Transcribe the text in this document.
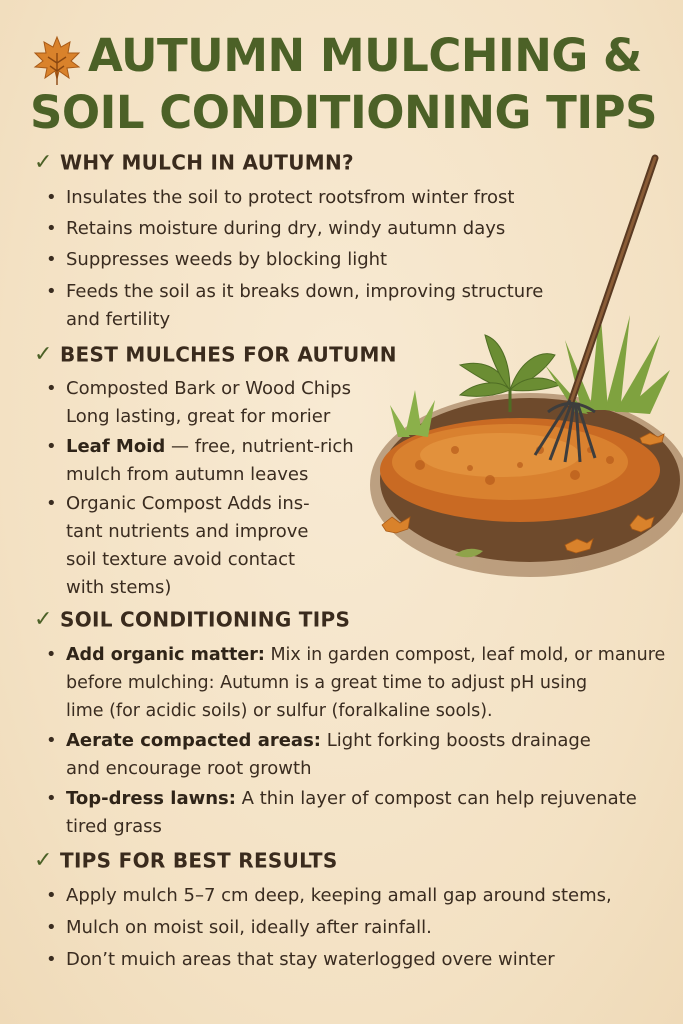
AUTUMN MULCHING &
SOIL CONDITIONING TIPS
✓ WHY MULCH IN AUTUMN?
• Insulates the soil to protect rootsfrom winter frost
• Retains moisture during dry, windy autumn days
• Suppresses weeds by blocking light
• Feeds the soil as it breaks down, improving structure
and fertility
✓ BEST MULCHES FOR AUTUMN
• Composted Bark or Wood Chips
Long lasting, great for morier
• Leaf Moid — free, nutrient-rich
mulch from autumn leaves
• Organic Compost Adds ins-
tant nutrients and improve
soil texture avoid contact
with stems)
✓ SOIL CONDITIONING TIPS
• Add organic matter: Mix in garden compost, leaf mold, or manure
before mulching: Autumn is a great time to adjust pH using
lime (for acidic soils) or sulfur (foralkaline sools).
• Aerate compacted areas: Light forking boosts drainage
and encourage root growth
• Top-dress lawns: A thin layer of compost can help rejuvenate
tired grass
✓ TIPS FOR BEST RESULTS
• Apply mulch 5–7 cm deep, keeping amall gap around stems,
• Mulch on moist soil, ideally after rainfall.
• Don’t muich areas that stay waterlogged overe winter
